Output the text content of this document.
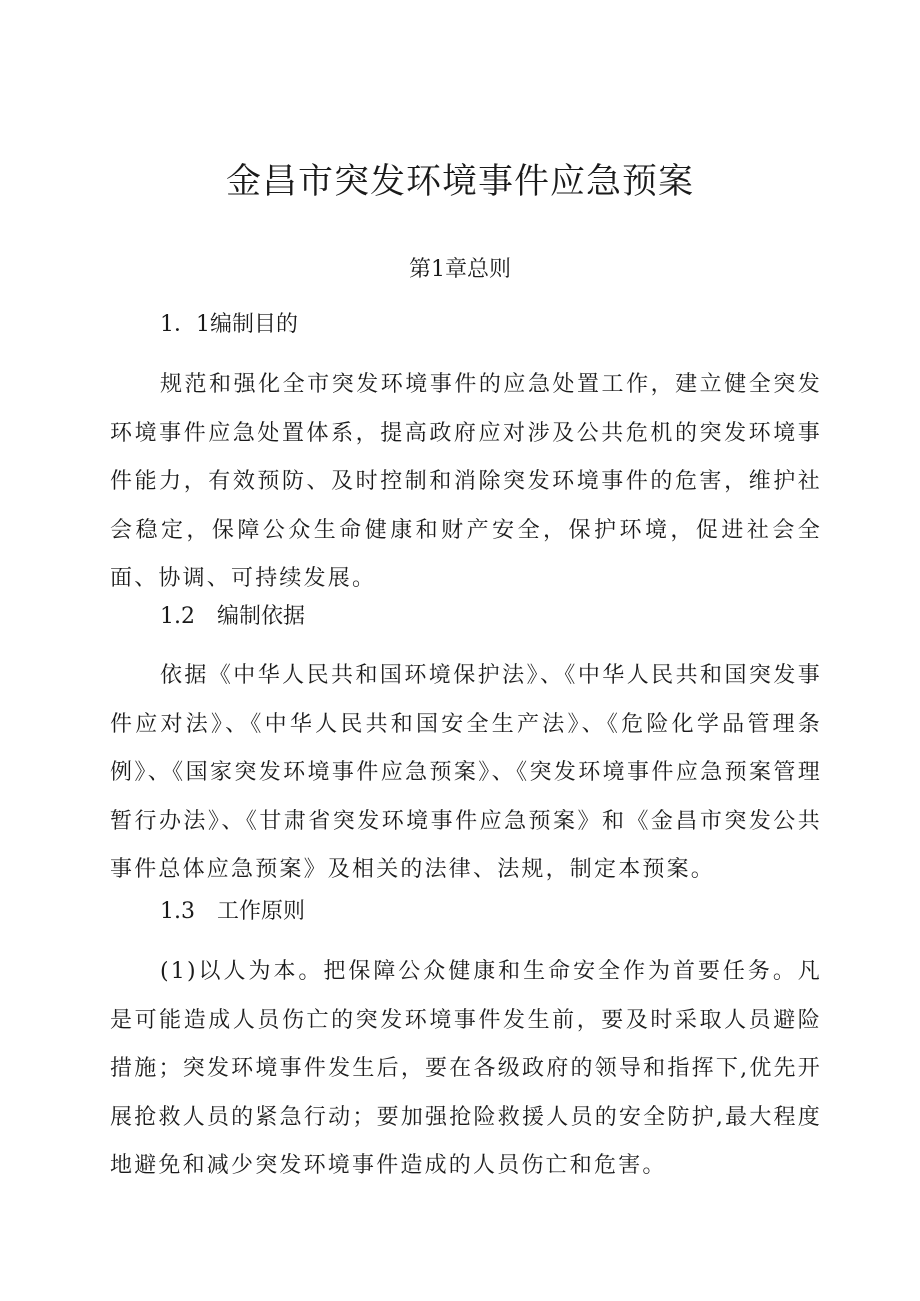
金昌市突发环境事件应急预案
第1章总则
1．1编制目的

规范和强化全市突发环境事件的应急处置工作，建立健全突发环境事件应急处置体系，提高政府应对涉及公共危机的突发环境事件能力，有效预防、及时控制和消除突发环境事件的危害，维护社会稳定，保障公众生命健康和财产安全，保护环境，促进社会全面、协调、可持续发展。

1.2　编制依据

依据《中华人民共和国环境保护法》、《中华人民共和国突发事件应对法》、《中华人民共和国安全生产法》、《危险化学品管理条例》、《国家突发环境事件应急预案》、《突发环境事件应急预案管理暂行办法》、《甘肃省突发环境事件应急预案》和《金昌市突发公共事件总体应急预案》及相关的法律、法规，制定本预案。

1.3　工作原则

(1)以人为本。把保障公众健康和生命安全作为首要任务。凡是可能造成人员伤亡的突发环境事件发生前，要及时采取人员避险措施；突发环境事件发生后，要在各级政府的领导和指挥下,优先开展抢救人员的紧急行动；要加强抢险救援人员的安全防护,最大程度地避免和减少突发环境事件造成的人员伤亡和危害。
